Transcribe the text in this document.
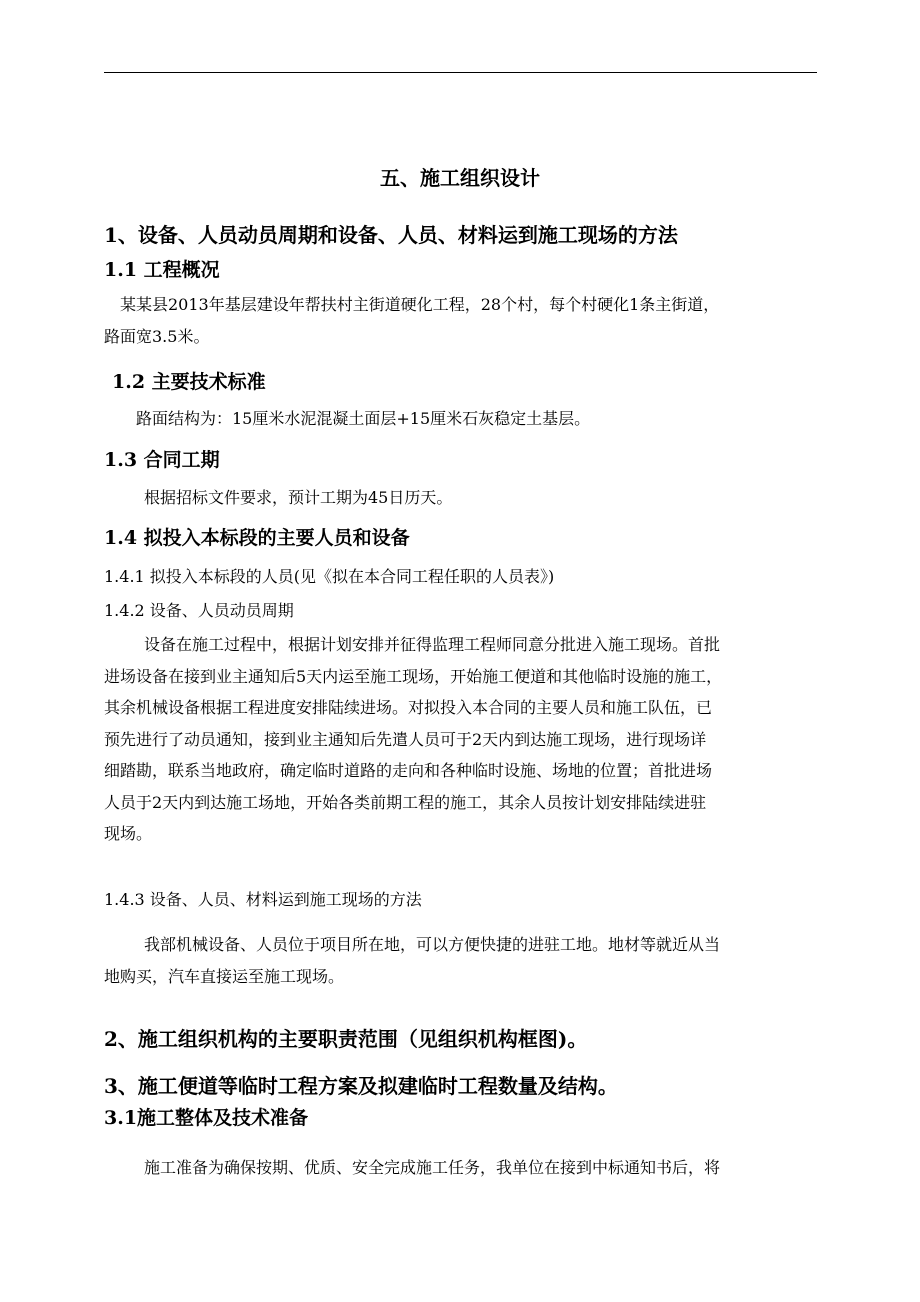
五、施工组织设计
1、设备、人员动员周期和设备、人员、材料运到施工现场的方法
1.1 工程概况
某某县2013年基层建设年帮扶村主街道硬化工程，28个村，每个村硬化1条主街道，
路面宽3.5米。
1.2 主要技术标准
路面结构为：15厘米水泥混凝土面层+15厘米石灰稳定土基层。
1.3 合同工期
根据招标文件要求，预计工期为45日历天。
1.4 拟投入本标段的主要人员和设备
1.4.1 拟投入本标段的人员(见《拟在本合同工程任职的人员表》)
1.4.2 设备、人员动员周期
设备在施工过程中，根据计划安排并征得监理工程师同意分批进入施工现场。首批
进场设备在接到业主通知后5天内运至施工现场，开始施工便道和其他临时设施的施工，
其余机械设备根据工程进度安排陆续进场。对拟投入本合同的主要人员和施工队伍，已
预先进行了动员通知，接到业主通知后先遣人员可于2天内到达施工现场，进行现场详
细踏勘，联系当地政府，确定临时道路的走向和各种临时设施、场地的位置；首批进场
人员于2天内到达施工场地，开始各类前期工程的施工，其余人员按计划安排陆续进驻
现场。
1.4.3 设备、人员、材料运到施工现场的方法
我部机械设备、人员位于项目所在地，可以方便快捷的进驻工地。地材等就近从当
地购买，汽车直接运至施工现场。
2、施工组织机构的主要职责范围（见组织机构框图)。
3、施工便道等临时工程方案及拟建临时工程数量及结构。
3.1施工整体及技术准备
施工准备为确保按期、优质、安全完成施工任务，我单位在接到中标通知书后，将
